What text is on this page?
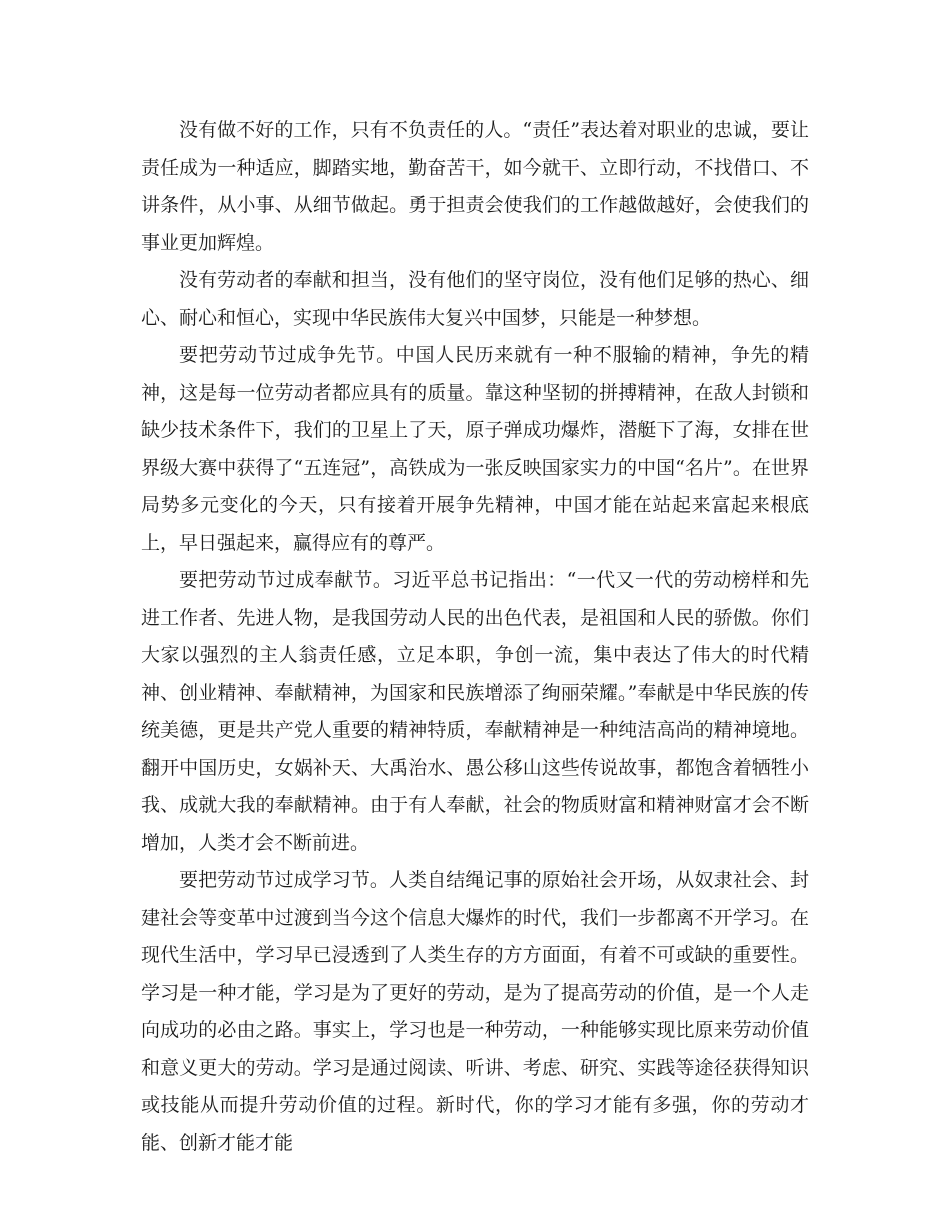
没有做不好的工作，只有不负责任的人。“责任”表达着对职业的忠诚，要让责任成为一种适应，脚踏实地，勤奋苦干，如今就干、立即行动，不找借口、不讲条件，从小事、从细节做起。勇于担责会使我们的工作越做越好，会使我们的事业更加辉煌。

没有劳动者的奉献和担当，没有他们的坚守岗位，没有他们足够的热心、细心、耐心和恒心，实现中华民族伟大复兴中国梦，只能是一种梦想。

要把劳动节过成争先节。中国人民历来就有一种不服输的精神，争先的精神，这是每一位劳动者都应具有的质量。靠这种坚韧的拼搏精神，在敌人封锁和缺少技术条件下，我们的卫星上了天，原子弹成功爆炸，潜艇下了海，女排在世界级大赛中获得了“五连冠”，高铁成为一张反映国家实力的中国“名片”。在世界局势多元变化的今天，只有接着开展争先精神，中国才能在站起来富起来根底上，早日强起来，赢得应有的尊严。

要把劳动节过成奉献节。习近平总书记指出：“一代又一代的劳动榜样和先进工作者、先进人物，是我国劳动人民的出色代表，是祖国和人民的骄傲。你们大家以强烈的主人翁责任感，立足本职，争创一流，集中表达了伟大的时代精神、创业精神、奉献精神，为国家和民族增添了绚丽荣耀。”奉献是中华民族的传统美德，更是共产党人重要的精神特质，奉献精神是一种纯洁高尚的精神境地。翻开中国历史，女娲补天、大禹治水、愚公移山这些传说故事，都饱含着牺牲小我、成就大我的奉献精神。由于有人奉献，社会的物质财富和精神财富才会不断增加，人类才会不断前进。

要把劳动节过成学习节。人类自结绳记事的原始社会开场，从奴隶社会、封建社会等变革中过渡到当今这个信息大爆炸的时代，我们一步都离不开学习。在现代生活中，学习早已浸透到了人类生存的方方面面，有着不可或缺的重要性。学习是一种才能，学习是为了更好的劳动，是为了提高劳动的价值，是一个人走向成功的必由之路。事实上，学习也是一种劳动，一种能够实现比原来劳动价值和意义更大的劳动。学习是通过阅读、听讲、考虑、研究、实践等途径获得知识或技能从而提升劳动价值的过程。新时代，你的学习才能有多强，你的劳动才能、创新才能才能
